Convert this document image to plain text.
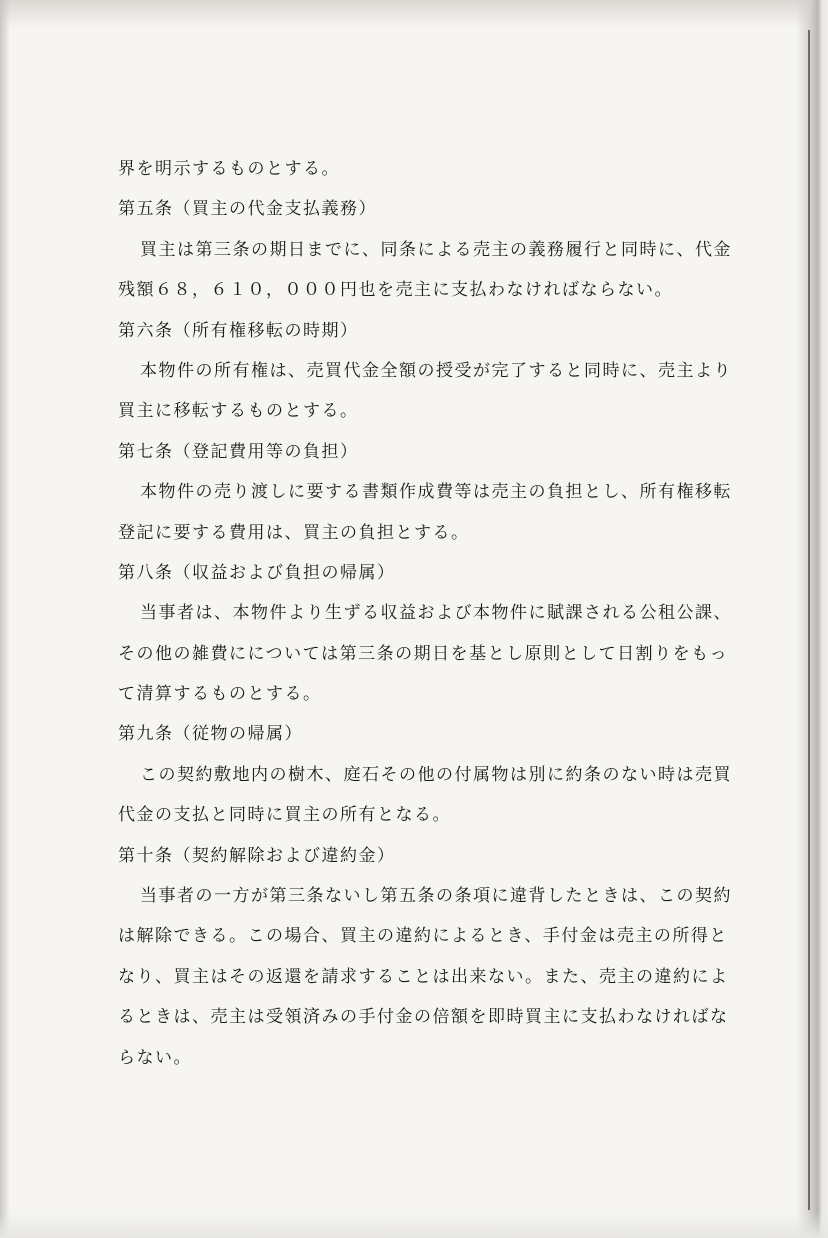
界を明示するものとする。
第五条（買主の代金支払義務）
買主は第三条の期日までに、同条による売主の義務履行と同時に、代金
残額６８，６１０，０００円也を売主に支払わなければならない。
第六条（所有権移転の時期）
本物件の所有権は、売買代金全額の授受が完了すると同時に、売主より
買主に移転するものとする。
第七条（登記費用等の負担）
本物件の売り渡しに要する書類作成費等は売主の負担とし、所有権移転
登記に要する費用は、買主の負担とする。
第八条（収益および負担の帰属）
当事者は、本物件より生ずる収益および本物件に賦課される公租公課、
その他の雑費にについては第三条の期日を基とし原則として日割りをもっ
て清算するものとする。
第九条（従物の帰属）
この契約敷地内の樹木、庭石その他の付属物は別に約条のない時は売買
代金の支払と同時に買主の所有となる。
第十条（契約解除および違約金）
当事者の一方が第三条ないし第五条の条項に違背したときは、この契約
は解除できる。この場合、買主の違約によるとき、手付金は売主の所得と
なり、買主はその返還を請求することは出来ない。また、売主の違約によ
るときは、売主は受領済みの手付金の倍額を即時買主に支払わなければな
らない。
